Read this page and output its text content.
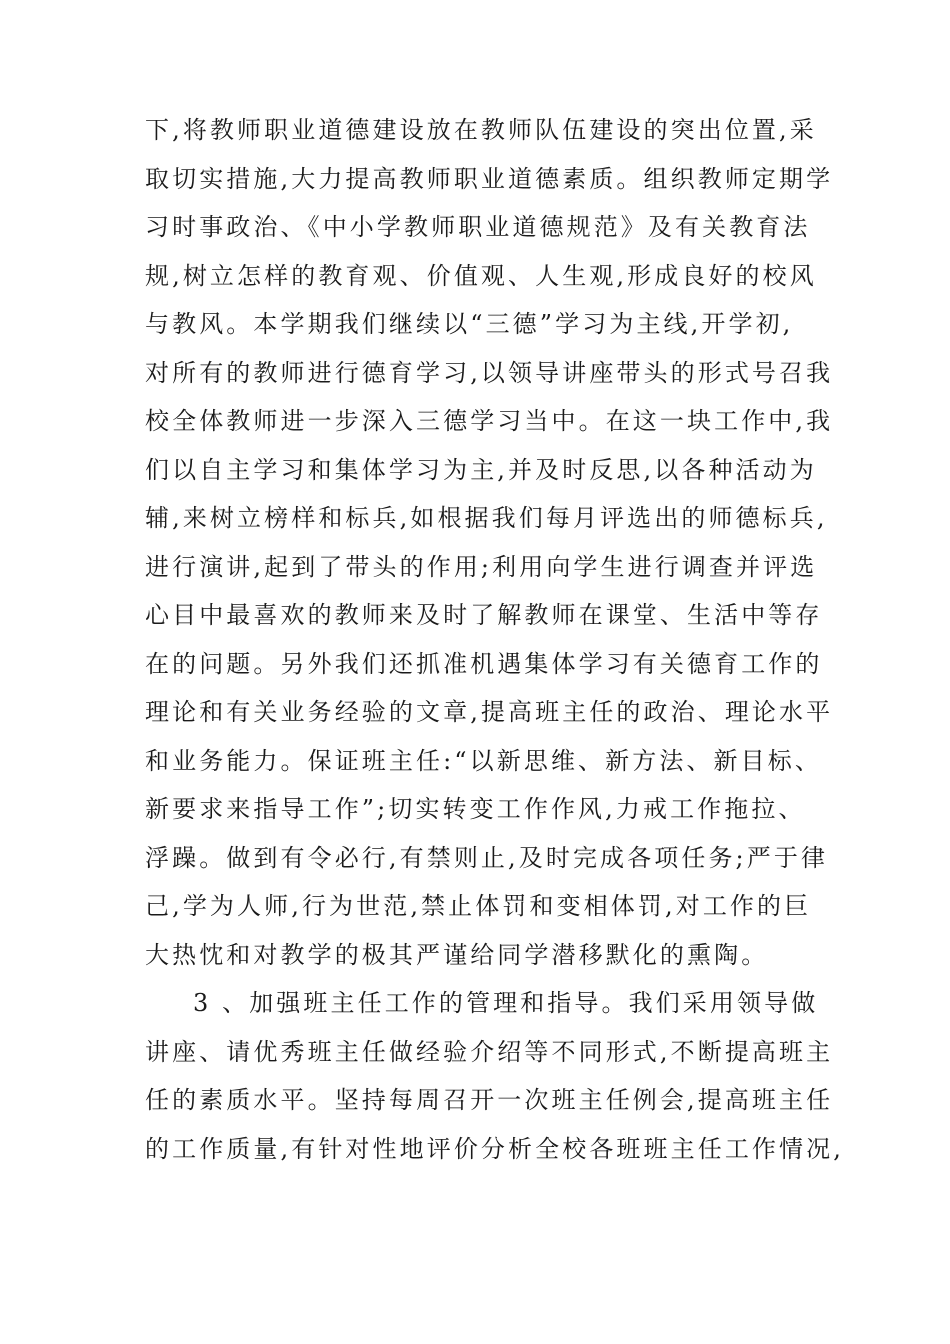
下,将教师职业道德建设放在教师队伍建设的突出位置,采
取切实措施,大力提高教师职业道德素质。组织教师定期学
习时事政治、《中小学教师职业道德规范》及有关教育法
规,树立怎样的教育观、价值观、人生观,形成良好的校风
与教风。本学期我们继续以“三德”学习为主线,开学初,
对所有的教师进行德育学习,以领导讲座带头的形式号召我
校全体教师进一步深入三德学习当中。在这一块工作中,我
们以自主学习和集体学习为主,并及时反思,以各种活动为
辅,来树立榜样和标兵,如根据我们每月评选出的师德标兵,
进行演讲,起到了带头的作用;利用向学生进行调查并评选
心目中最喜欢的教师来及时了解教师在课堂、生活中等存
在的问题。另外我们还抓准机遇集体学习有关德育工作的
理论和有关业务经验的文章,提高班主任的政治、理论水平
和业务能力。保证班主任:“以新思维、新方法、新目标、
新要求来指导工作”;切实转变工作作风,力戒工作拖拉、
浮躁。做到有令必行,有禁则止,及时完成各项任务;严于律
己,学为人师,行为世范,禁止体罚和变相体罚,对工作的巨
大热忱和对教学的极其严谨给同学潜移默化的熏陶。
3 、加强班主任工作的管理和指导。我们采用领导做
讲座、请优秀班主任做经验介绍等不同形式,不断提高班主
任的素质水平。坚持每周召开一次班主任例会,提高班主任
的工作质量,有针对性地评价分析全校各班班主任工作情况,
